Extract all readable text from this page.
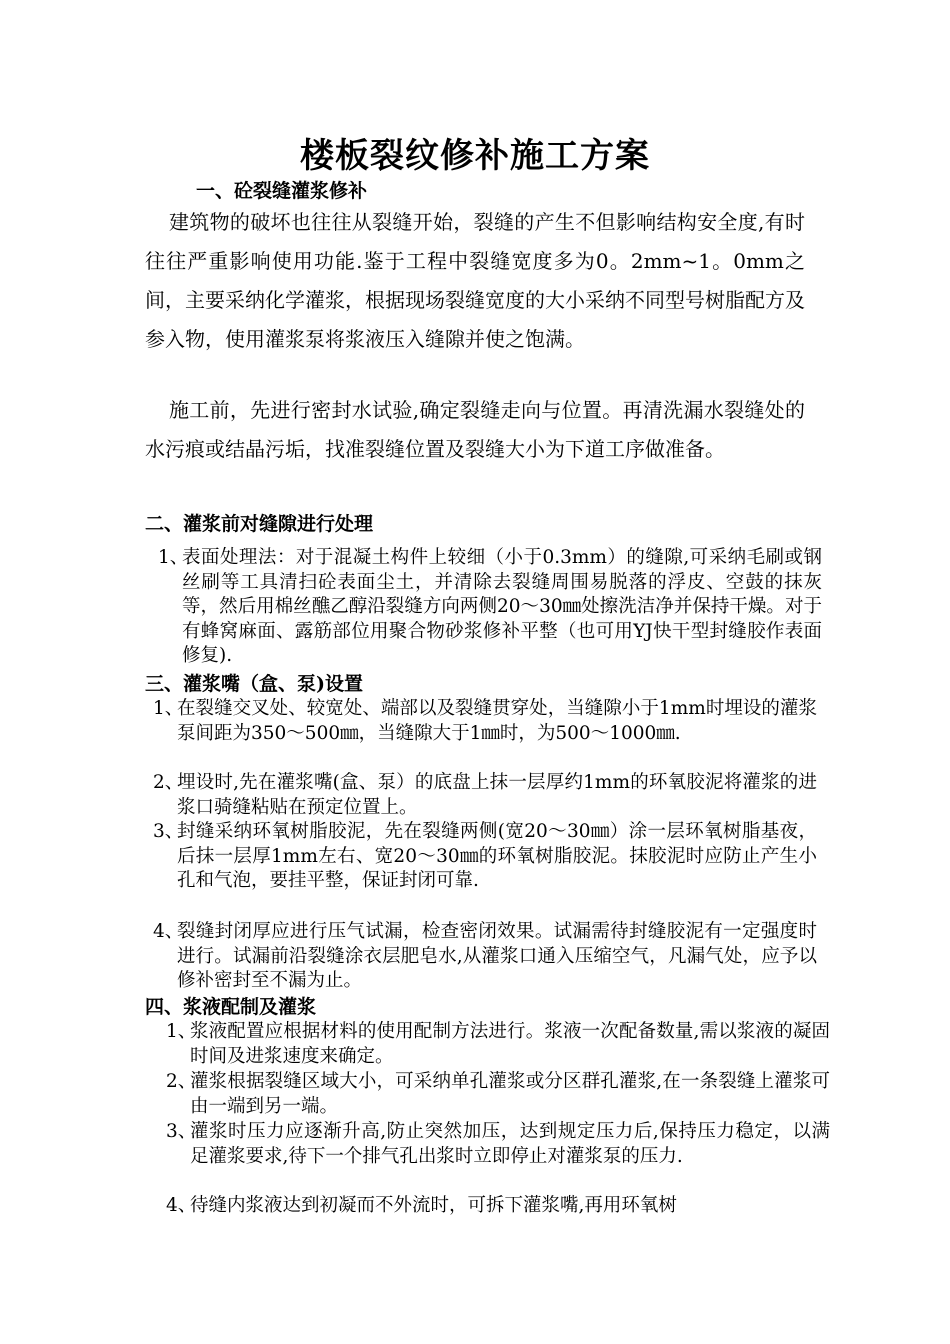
楼板裂纹修补施工方案
一、砼裂缝灌浆修补
建筑物的破坏也往往从裂缝开始，裂缝的产生不但影响结构安全度,有时往往严重影响使用功能.鉴于工程中裂缝宽度多为0。2mm~1。0mm之间，主要采纳化学灌浆，根据现场裂缝宽度的大小采纳不同型号树脂配方及参入物，使用灌浆泵将浆液压入缝隙并使之饱满。
施工前，先进行密封水试验,确定裂缝走向与位置。再清洗漏水裂缝处的水污痕或结晶污垢，找准裂缝位置及裂缝大小为下道工序做准备。
二、灌浆前对缝隙进行处理
1、
表面处理法：对于混凝土构件上较细（小于0.3mm）的缝隙,可采纳毛刷或钢丝刷等工具清扫砼表面尘土，并清除去裂缝周围易脱落的浮皮、空鼓的抹灰等，然后用棉丝醮乙醇沿裂缝方向两侧20～30㎜处擦洗洁净并保持干燥。对于有蜂窝麻面、露筋部位用聚合物砂浆修补平整（也可用YJ快干型封缝胶作表面修复).
三、灌浆嘴（盒、泵)设置
1、
在裂缝交叉处、较宽处、端部以及裂缝贯穿处，当缝隙小于1mm时埋设的灌浆泵间距为350～500㎜，当缝隙大于1㎜时，为500～1000㎜.
2、
埋设时,先在灌浆嘴(盒、泵）的底盘上抹一层厚约1mm的环氧胶泥将灌浆的进浆口骑缝粘贴在预定位置上。
3、
封缝采纳环氧树脂胶泥，先在裂缝两侧(宽20～30㎜）涂一层环氧树脂基夜，后抹一层厚1mm左右、宽20～30㎜的环氧树脂胶泥。抹胶泥时应防止产生小孔和气泡，要挂平整，保证封闭可靠.
4、
裂缝封闭厚应进行压气试漏，检查密闭效果。试漏需待封缝胶泥有一定强度时进行。试漏前沿裂缝涂衣层肥皂水,从灌浆口通入压缩空气，凡漏气处，应予以修补密封至不漏为止。
四、浆液配制及灌浆
1、
浆液配置应根据材料的使用配制方法进行。浆液一次配备数量,需以浆液的凝固时间及进浆速度来确定。
2、
灌浆根据裂缝区域大小，可采纳单孔灌浆或分区群孔灌浆,在一条裂缝上灌浆可由一端到另一端。
3、
灌浆时压力应逐渐升高,防止突然加压，达到规定压力后,保持压力稳定，以满足灌浆要求,待下一个排气孔出浆时立即停止对灌浆泵的压力.
4、
待缝内浆液达到初凝而不外流时，可拆下灌浆嘴,再用环氧树
